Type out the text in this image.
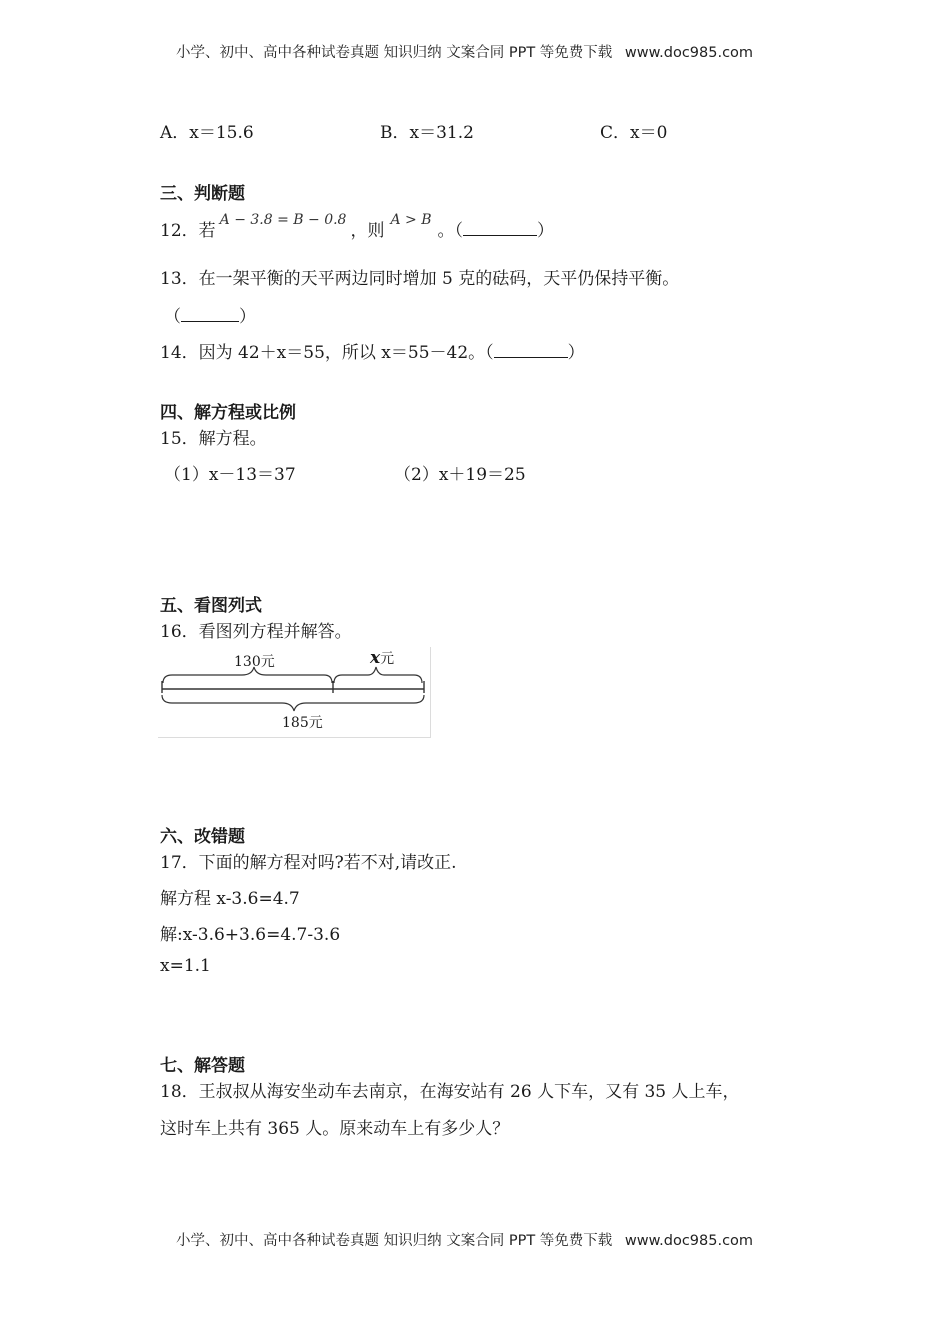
小学、初中、高中各种试卷真题 知识归纳 文案合同 PPT 等免费下载 www.doc985.com
A．x＝15.6	B．x＝31.2	C．x＝0
三、判断题
12．若$^{A - 3.8 = B - 0.8}$，则$^{A > B}$。（	）
13．在一架平衡的天平两边同时增加 5 克的砝码，天平仍保持平衡。
（	）
14．因为 42＋x＝55，所以 x＝55－42。（	）
四、解方程或比例
15．解方程。
（1）x－13＝37	（2）x＋19＝25
五、看图列式
16．看图列方程并解答。
130元	x元
185元
六、改错题
17．下面的解方程对吗?若不对,请改正.
解方程 x-3.6=4.7
解:x-3.6+3.6=4.7-3.6
x=1.1
七、解答题
18．王叔叔从海安坐动车去南京，在海安站有 26 人下车，又有 35 人上车，
这时车上共有 365 人。原来动车上有多少人？
小学、初中、高中各种试卷真题 知识归纳 文案合同 PPT 等免费下载 www.doc985.com
